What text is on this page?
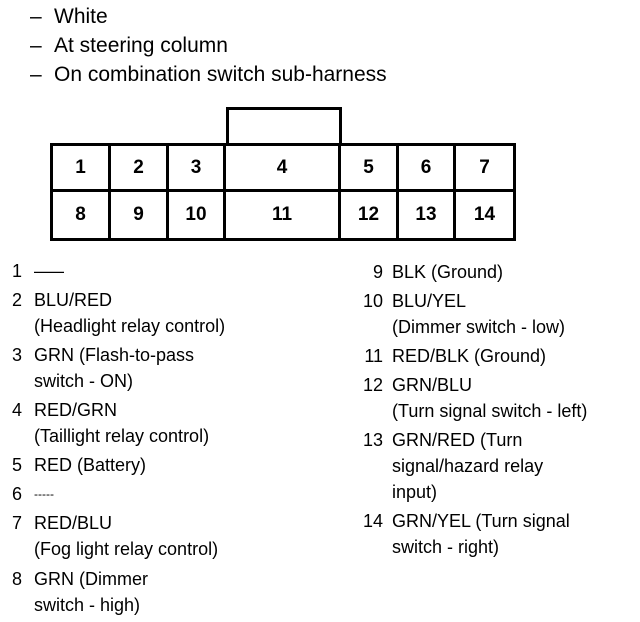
– White
– At steering column
– On combination switch sub-harness
1	2	3	4	5	6	7
8	9	10	11	12	13	14
1 –––
2 BLU/RED
(Headlight relay control)
3 GRN (Flash-to-pass
switch - ON)
4 RED/GRN
(Taillight relay control)
5 RED (Battery)
6 -----
7 RED/BLU
(Fog light relay control)
8 GRN (Dimmer
switch - high)
9 BLK (Ground)
10 BLU/YEL
(Dimmer switch - low)
11 RED/BLK (Ground)
12 GRN/BLU
(Turn signal switch - left)
13 GRN/RED (Turn
signal/hazard relay
input)
14 GRN/YEL (Turn signal
switch - right)
